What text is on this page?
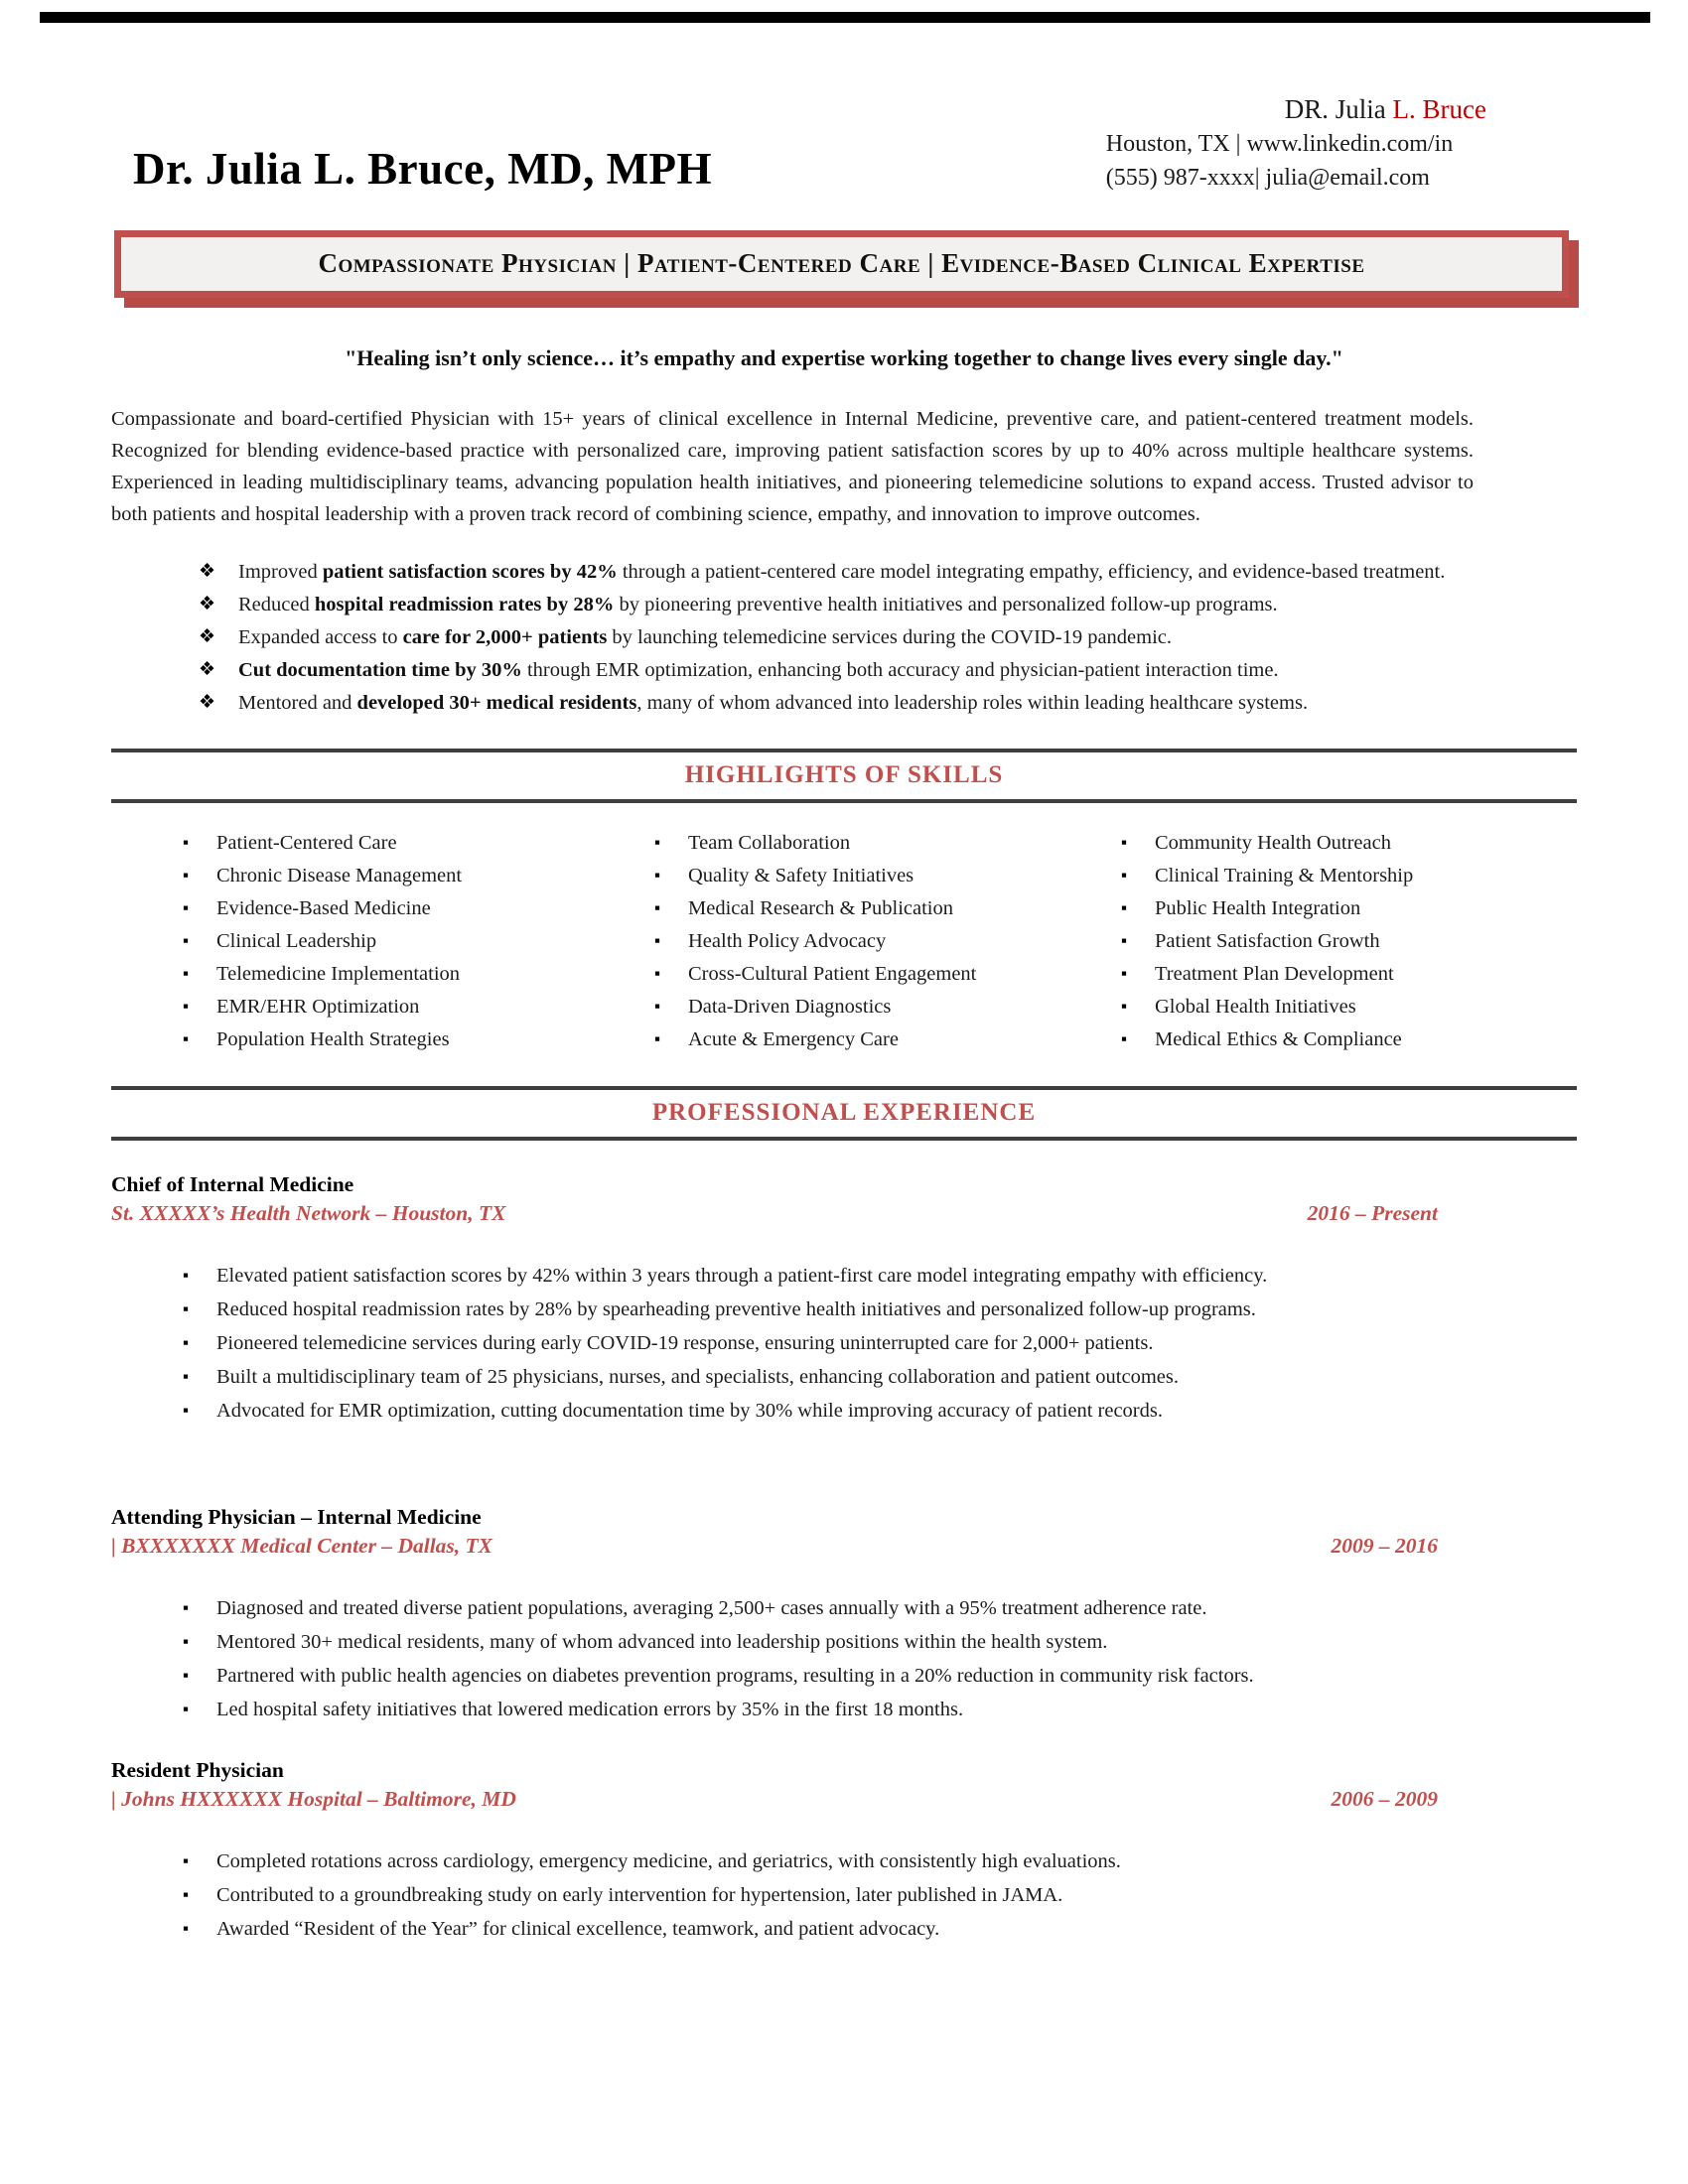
Dr. Julia L. Bruce, MD, MPH
DR. Julia L. Bruce
Houston, TX | www.linkedin.com/in
(555) 987-xxxx| julia@email.com
Compassionate Physician | Patient-Centered Care | Evidence-Based Clinical Expertise
"Healing isn’t only science… it’s empathy and expertise working together to change lives every single day."

Compassionate and board-certified Physician with 15+ years of clinical excellence in Internal Medicine, preventive care, and patient-centered treatment models. Recognized for blending evidence-based practice with personalized care, improving patient satisfaction scores by up to 40% across multiple healthcare systems. Experienced in leading multidisciplinary teams, advancing population health initiatives, and pioneering telemedicine solutions to expand access. Trusted advisor to both patients and hospital leadership with a proven track record of combining science, empathy, and innovation to improve outcomes.

❖ Improved patient satisfaction scores by 42% through a patient-centered care model integrating empathy, efficiency, and evidence-based treatment.
❖ Reduced hospital readmission rates by 28% by pioneering preventive health initiatives and personalized follow-up programs.
❖ Expanded access to care for 2,000+ patients by launching telemedicine services during the COVID-19 pandemic.
❖ Cut documentation time by 30% through EMR optimization, enhancing both accuracy and physician-patient interaction time.
❖ Mentored and developed 30+ medical residents, many of whom advanced into leadership roles within leading healthcare systems.
HIGHLIGHTS OF SKILLS
▪ Patient-Centered Care
▪ Chronic Disease Management
▪ Evidence-Based Medicine
▪ Clinical Leadership
▪ Telemedicine Implementation
▪ EMR/EHR Optimization
▪ Population Health Strategies
▪ Team Collaboration
▪ Quality & Safety Initiatives
▪ Medical Research & Publication
▪ Health Policy Advocacy
▪ Cross-Cultural Patient Engagement
▪ Data-Driven Diagnostics
▪ Acute & Emergency Care
▪ Community Health Outreach
▪ Clinical Training & Mentorship
▪ Public Health Integration
▪ Patient Satisfaction Growth
▪ Treatment Plan Development
▪ Global Health Initiatives
▪ Medical Ethics & Compliance
PROFESSIONAL EXPERIENCE
Chief of Internal Medicine
St. XXXXX’s Health Network – Houston, TX	2016 – Present
▪ Elevated patient satisfaction scores by 42% within 3 years through a patient-first care model integrating empathy with efficiency.
▪ Reduced hospital readmission rates by 28% by spearheading preventive health initiatives and personalized follow-up programs.
▪ Pioneered telemedicine services during early COVID-19 response, ensuring uninterrupted care for 2,000+ patients.
▪ Built a multidisciplinary team of 25 physicians, nurses, and specialists, enhancing collaboration and patient outcomes.
▪ Advocated for EMR optimization, cutting documentation time by 30% while improving accuracy of patient records.
Attending Physician – Internal Medicine
| BXXXXXXX Medical Center – Dallas, TX	2009 – 2016
▪ Diagnosed and treated diverse patient populations, averaging 2,500+ cases annually with a 95% treatment adherence rate.
▪ Mentored 30+ medical residents, many of whom advanced into leadership positions within the health system.
▪ Partnered with public health agencies on diabetes prevention programs, resulting in a 20% reduction in community risk factors.
▪ Led hospital safety initiatives that lowered medication errors by 35% in the first 18 months.
Resident Physician
| Johns HXXXXXX Hospital – Baltimore, MD	2006 – 2009
▪ Completed rotations across cardiology, emergency medicine, and geriatrics, with consistently high evaluations.
▪ Contributed to a groundbreaking study on early intervention for hypertension, later published in JAMA.
▪ Awarded “Resident of the Year” for clinical excellence, teamwork, and patient advocacy.
